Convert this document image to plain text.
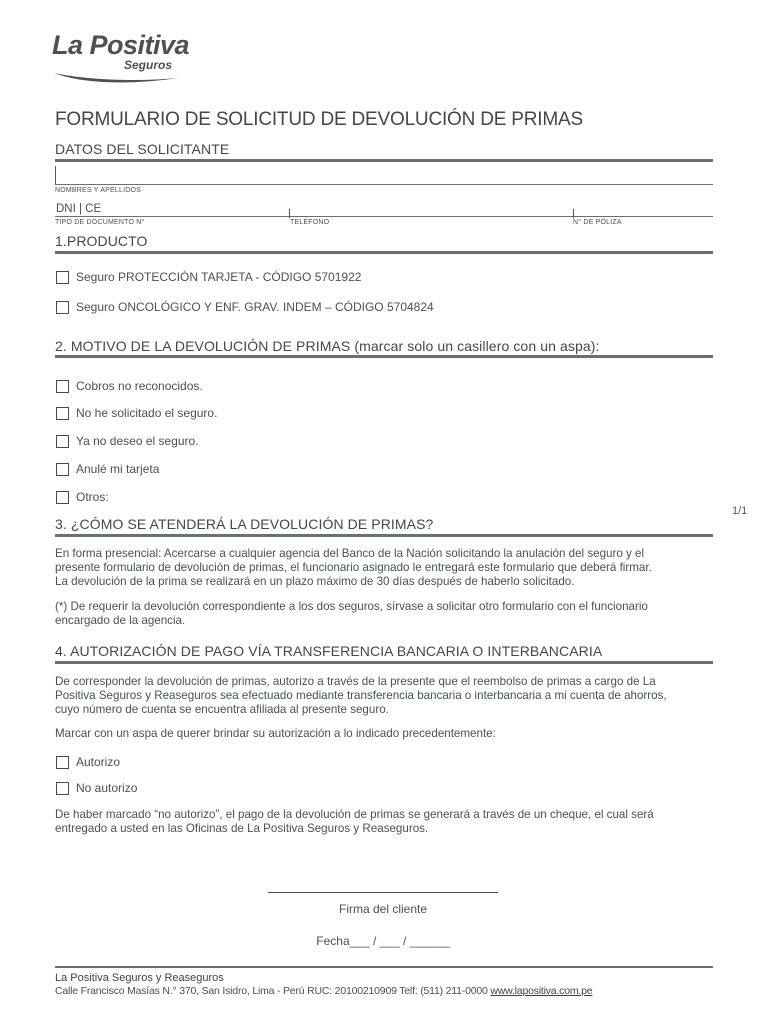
La Positiva
Seguros
FORMULARIO DE SOLICITUD DE DEVOLUCIÓN DE PRIMAS
DATOS DEL SOLICITANTE
NOMBRES Y APELLIDOS
DNI | CE
TIPO DE DOCUMENTO N°	TELÉFONO	N° DE PÓLIZA
1.PRODUCTO
Seguro PROTECCIÓN TARJETA - CÓDIGO 5701922
Seguro ONCOLÓGICO Y ENF. GRAV. INDEM – CÓDIGO 5704824
2. MOTIVO DE LA DEVOLUCIÓN DE PRIMAS (marcar solo un casillero con un aspa):
Cobros no reconocidos.
No he solicitado el seguro.
Ya no deseo el seguro.
Anulé mi tarjeta
Otros:
1/1
3. ¿CÓMO SE ATENDERÁ LA DEVOLUCIÓN DE PRIMAS?
En forma presencial: Acercarse a cualquier agencia del Banco de la Nación solicitando la anulación del seguro y el
presente formulario de devolución de primas, el funcionario asignado le entregará este formulario que deberá firmar.
La devolución de la prima se realizará en un plazo máximo de 30 días después de haberlo solicitado.
(*) De requerir la devolución correspondiente a los dos seguros, sírvase a solicitar otro formulario con el funcionario
encargado de la agencia.
4. AUTORIZACIÓN DE PAGO VÍA TRANSFERENCIA BANCARIA O INTERBANCARIA
De corresponder la devolución de primas, autorizo a través de la presente que el reembolso de primas a cargo de La
Positiva Seguros y Reaseguros sea efectuado mediante transferencia bancaria o interbancaria a mi cuenta de ahorros,
cuyo número de cuenta se encuentra afiliada al presente seguro.
Marcar con un aspa de querer brindar su autorización a lo indicado precedentemente:
Autorizo
No autorizo
De haber marcado “no autorizo”, el pago de la devolución de primas se generará a través de un cheque, el cual será
entregado a usted en las Oficinas de La Positiva Seguros y Reaseguros.
Firma del cliente
Fecha___ / ___ / ______
La Positiva Seguros y Reaseguros
Calle Francisco Masías N.° 370, San Isidro, Lima - Perú RUC: 20100210909 Telf: (511) 211-0000 www.lapositiva.com.pe
